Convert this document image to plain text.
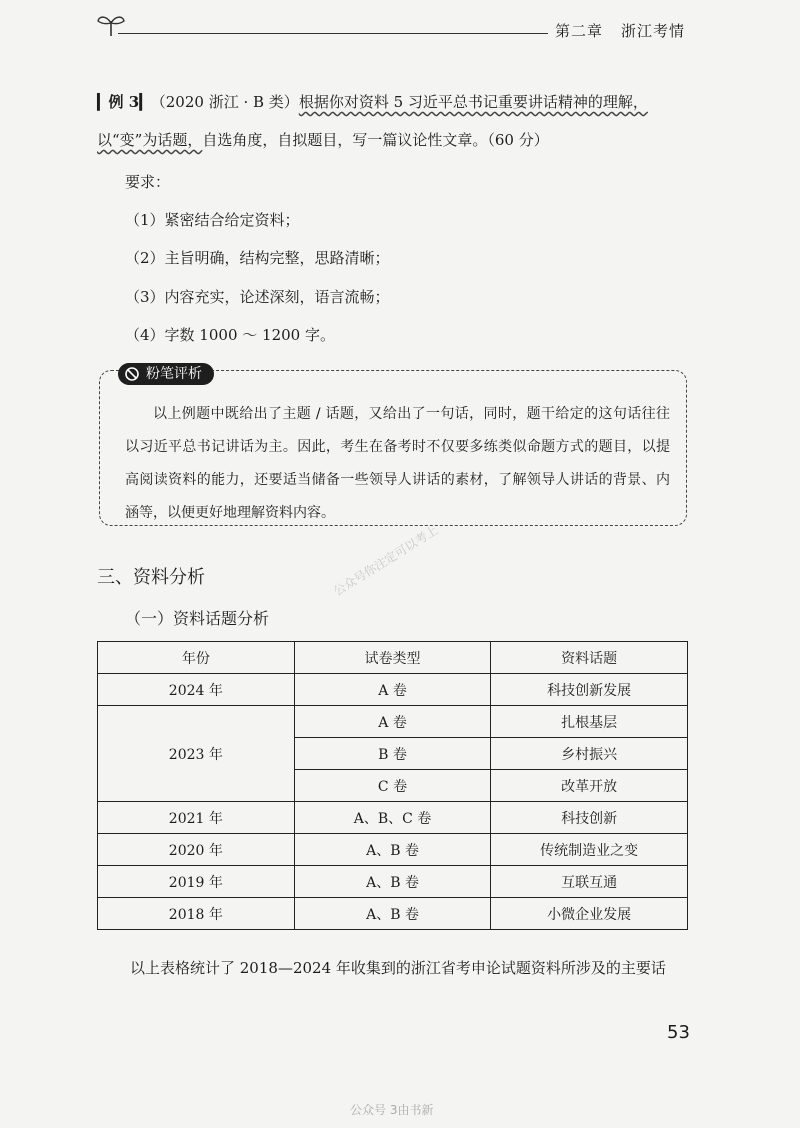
第二章 浙江考情
▎例 3▎（2020 浙江 · B 类）根据你对资料 5 习近平总书记重要讲话精神的理解，
以“变”为话题，自选角度，自拟题目，写一篇议论性文章。（60 分）
要求：
（1）紧密结合给定资料；
（2）主旨明确，结构完整，思路清晰；
（3）内容充实，论述深刻，语言流畅；
（4）字数 1000 ～ 1200 字。
粉笔评析

以上例题中既给出了主题 / 话题，又给出了一句话，同时，题干给定的这句话往往以习近平总书记讲话为主。因此，考生在备考时不仅要多练类似命题方式的题目，以提高阅读资料的能力，还要适当储备一些领导人讲话的素材，了解领导人讲话的背景、内涵等，以便更好地理解资料内容。

公众号你注定可以考上
三、资料分析
（一）资料话题分析
年份	试卷类型	资料话题
2024 年	A 卷	科技创新发展
2023 年	A 卷	扎根基层
	B 卷	乡村振兴
	C 卷	改革开放
2021 年	A、B、C 卷	科技创新
2020 年	A、B 卷	传统制造业之变
2019 年	A、B 卷	互联互通
2018 年	A、B 卷	小微企业发展
以上表格统计了 2018—2024 年收集到的浙江省考申论试题资料所涉及的主要话
53
公众号 3由书新
